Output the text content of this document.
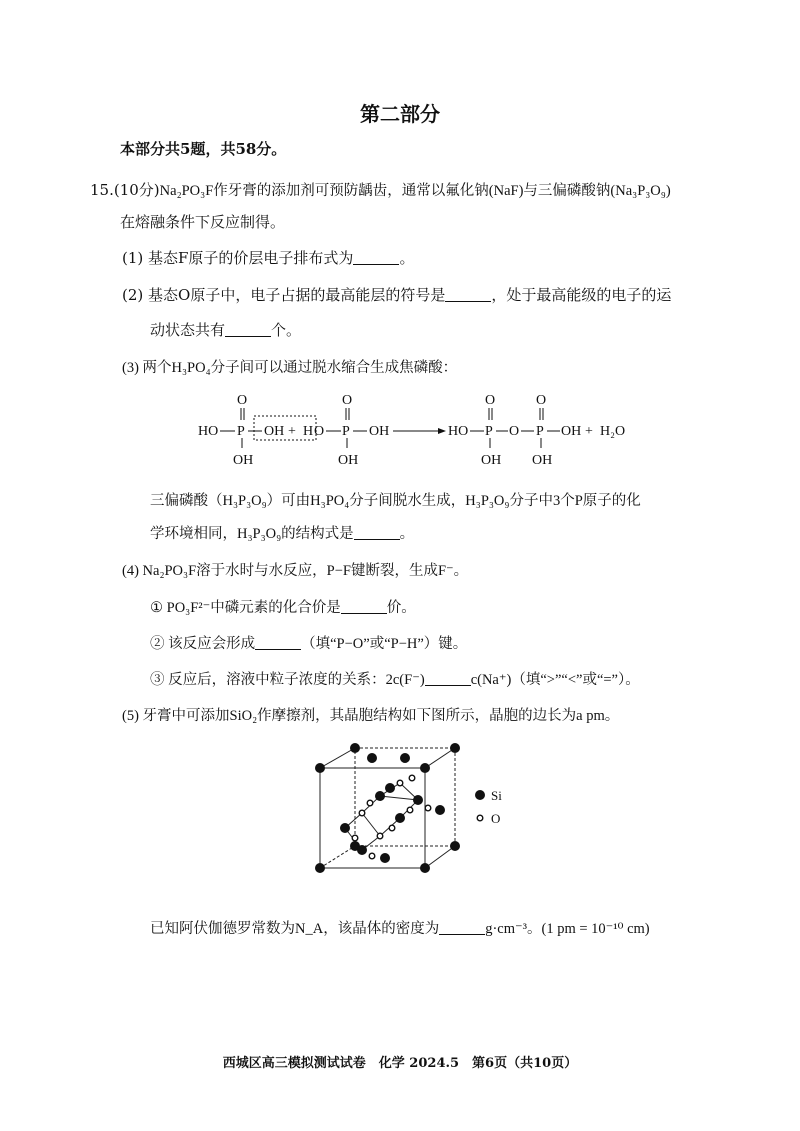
第二部分
本部分共5题，共58分。
15.(10分)Na₂PO₃F作牙膏的添加剂可预防龋齿，通常以氟化钠(NaF)与三偏磷酸钠(Na₃P₃O₉)
在熔融条件下反应制得。
(1) 基态F原子的价层电子排布式为	。
(2) 基态O原子中，电子占据的最高能层的符号是	，处于最高能级的电子的运
动状态共有	个。
(3) 两个H₃PO₄分子间可以通过脱水缩合生成焦磷酸：
HO P
O
OH
OH + H O P
O
OH
OH	HO P
O
OH
O P
O
OH
OH + H₂O
三偏磷酸（H₃P₃O₉）可由H₃PO₄分子间脱水生成，H₃P₃O₉分子中3个P原子的化
学环境相同，H₃P₃O₉的结构式是	。
(4) Na₂PO₃F溶于水时与水反应，P−F键断裂，生成F⁻。
① PO₃F²⁻中磷元素的化合价是	价。
② 该反应会形成	（填“P−O”或“P−H”）键。
③ 反应后，溶液中粒子浓度的关系：2c(F⁻)	c(Na⁺)（填“>”“<”或“=”）。
(5) 牙膏中可添加SiO₂作摩擦剂，其晶胞结构如下图所示，晶胞的边长为a pm。
Si
O
已知阿伏伽德罗常数为N_A，该晶体的密度为	g·cm⁻³。(1 pm = 10⁻¹⁰ cm)
西城区高三模拟测试试卷　化学 2024.5　第6页（共10页）
